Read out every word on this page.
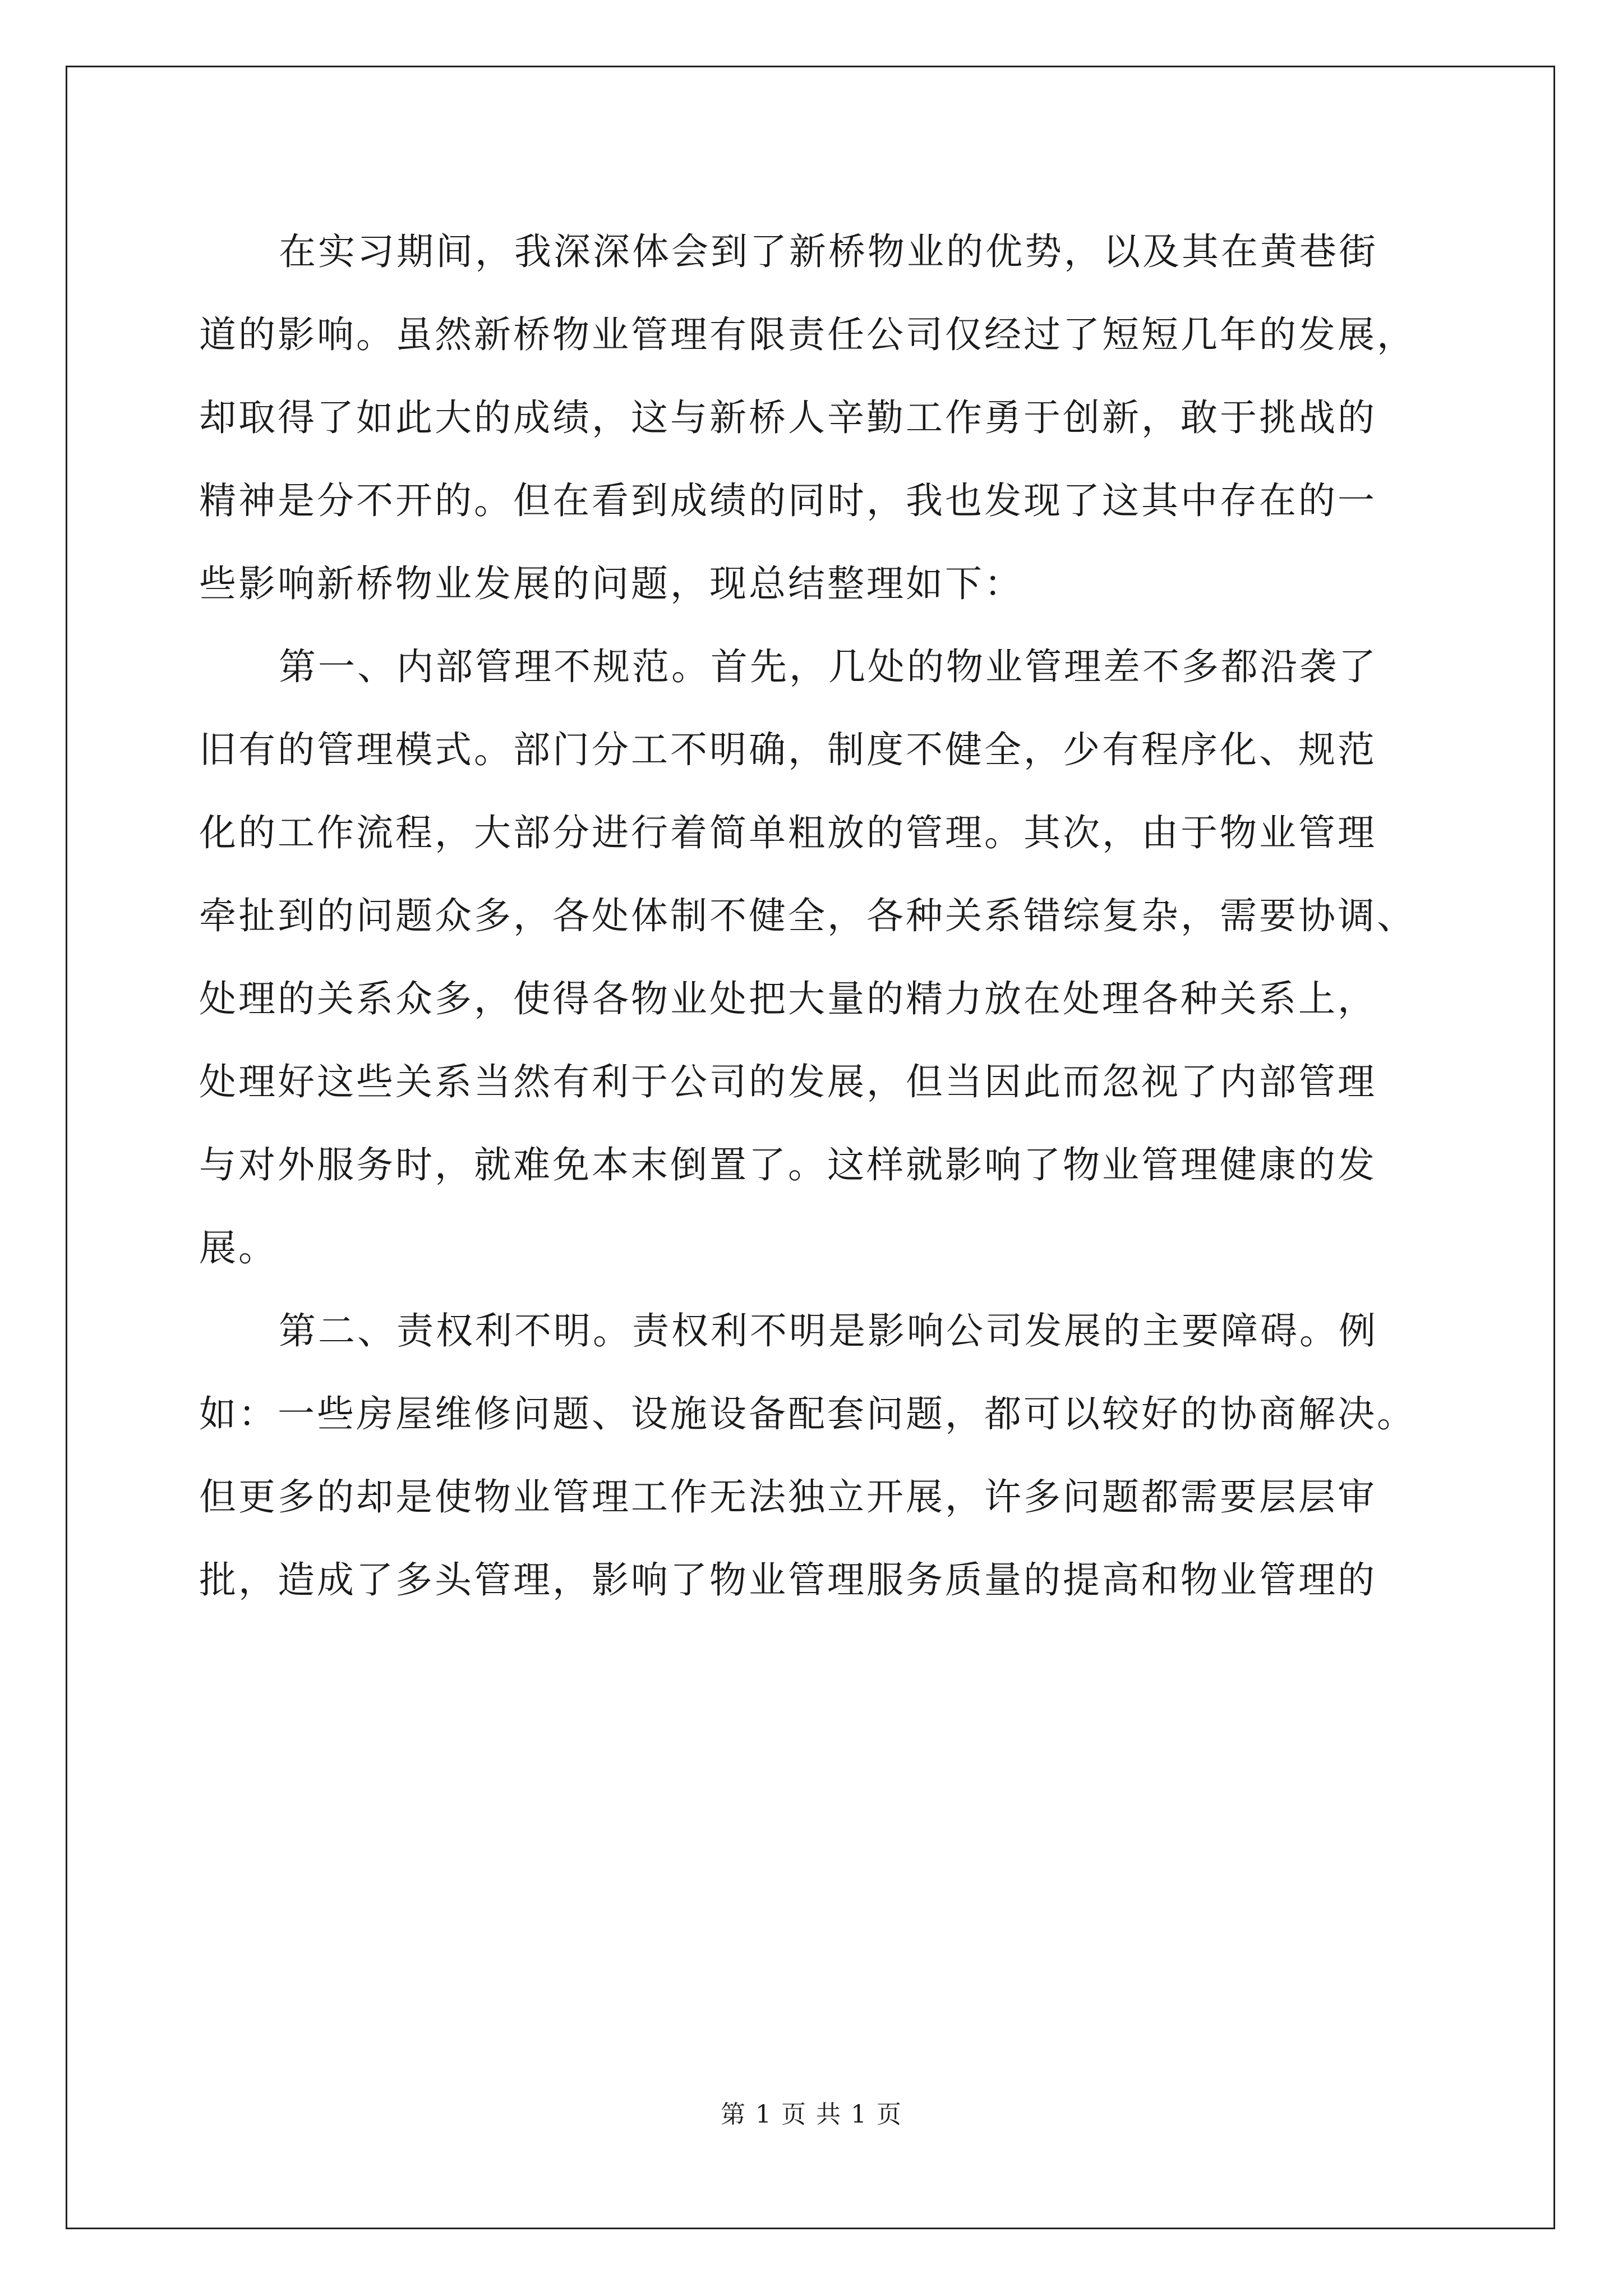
在实习期间，我深深体会到了新桥物业的优势，以及其在黄巷街
道的影响。虽然新桥物业管理有限责任公司仅经过了短短几年的发展，
却取得了如此大的成绩，这与新桥人辛勤工作勇于创新，敢于挑战的
精神是分不开的。但在看到成绩的同时，我也发现了这其中存在的一
些影响新桥物业发展的问题，现总结整理如下：

第一、内部管理不规范。首先，几处的物业管理差不多都沿袭了
旧有的管理模式。部门分工不明确，制度不健全，少有程序化、规范
化的工作流程，大部分进行着简单粗放的管理。其次，由于物业管理
牵扯到的问题众多，各处体制不健全，各种关系错综复杂，需要协调、
处理的关系众多，使得各物业处把大量的精力放在处理各种关系上，
处理好这些关系当然有利于公司的发展，但当因此而忽视了内部管理
与对外服务时，就难免本末倒置了。这样就影响了物业管理健康的发
展。

第二、责权利不明。责权利不明是影响公司发展的主要障碍。例
如：一些房屋维修问题、设施设备配套问题，都可以较好的协商解决。
但更多的却是使物业管理工作无法独立开展，许多问题都需要层层审
批，造成了多头管理，影响了物业管理服务质量的提高和物业管理的

第 1 页 共 1 页
